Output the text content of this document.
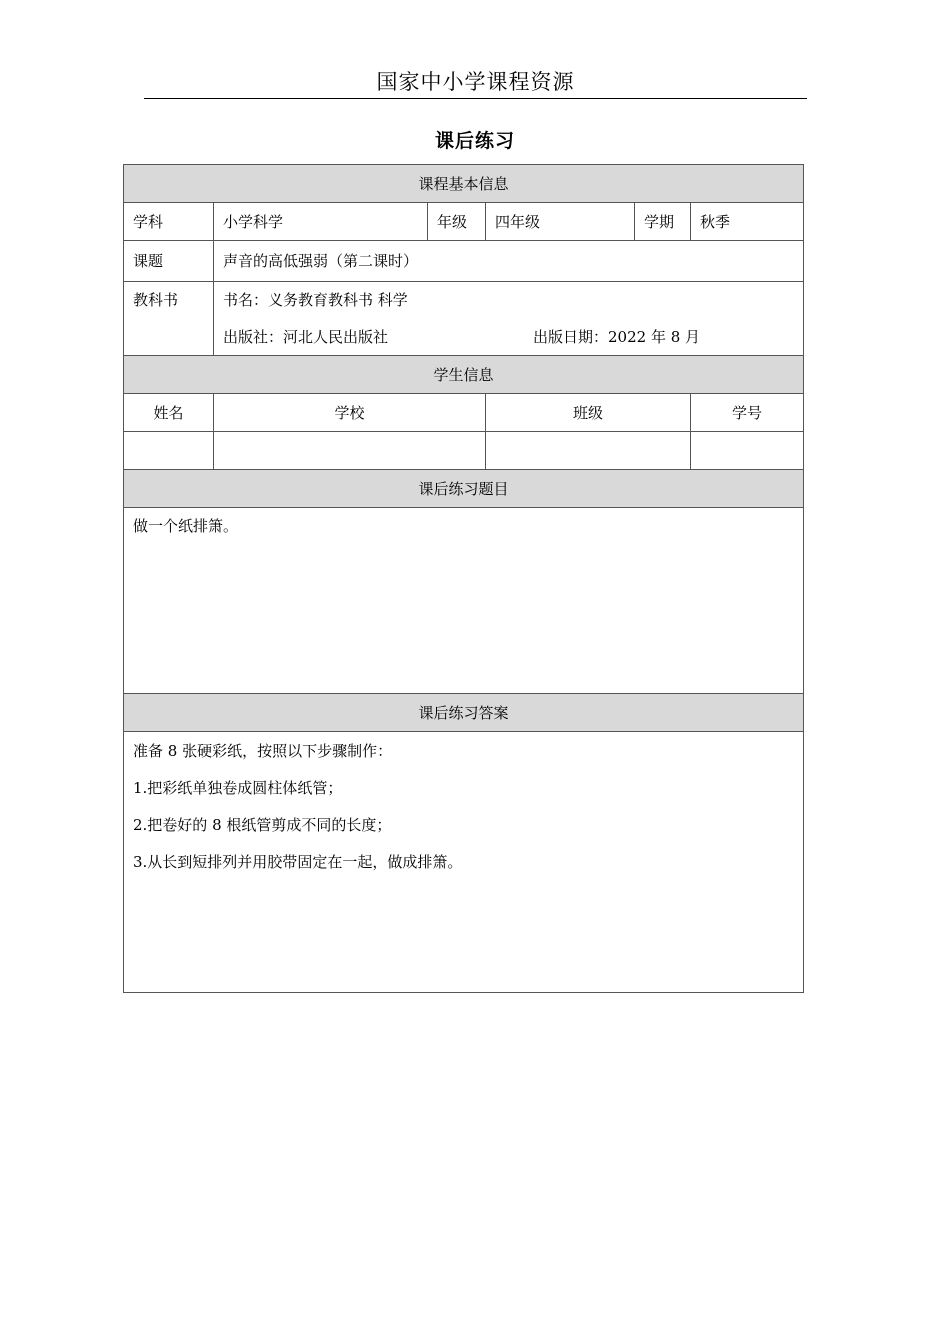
国家中小学课程资源
课后练习
课程基本信息					
学科	小学科学	年级	四年级	学期	秋季
课题	声音的高低强弱（第二课时）				
教科书	书名：义务教育教科书 科学
出版社：河北人民出版社 出版日期：2022 年 8 月				

学生信息					
姓名	学校		班级		学号

课后练习题目					
做一个纸排箫。					
课后练习答案					

准备 8 张硬彩纸，按照以下步骤制作：
1.把彩纸单独卷成圆柱体纸管；
2.把卷好的 8 根纸管剪成不同的长度；
3.从长到短排列并用胶带固定在一起，做成排箫。					
